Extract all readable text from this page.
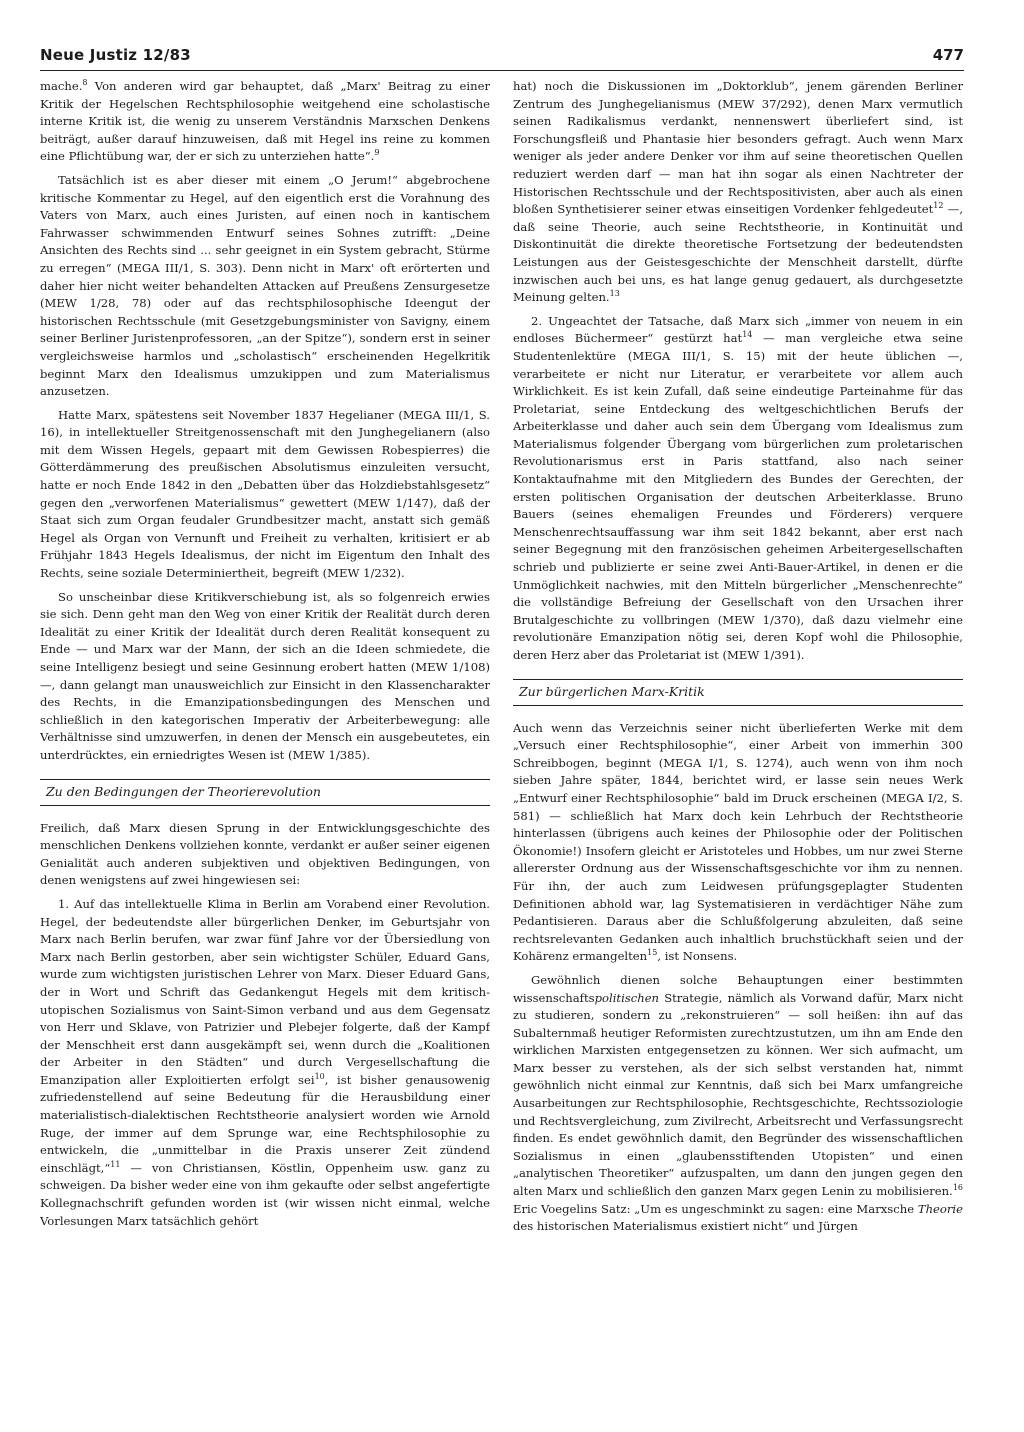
Neue Justiz 12/83	477

mache.$^8$ Von anderen wird gar behauptet, daß „Marx' Beitrag zu einer Kritik der Hegelschen Rechtsphilosophie weitgehend eine scholastische interne Kritik ist, die wenig zu unserem Verständnis Marxschen Denkens beiträgt, außer darauf hinzuweisen, daß mit Hegel ins reine zu kommen eine Pflichtübung war, der er sich zu unterziehen hatte“.$^9$

Tatsächlich ist es aber dieser mit einem „O Jerum!“ abgebrochene kritische Kommentar zu Hegel, auf den eigentlich erst die Vorahnung des Vaters von Marx, auch eines Juristen, auf einen noch in kantischem Fahrwasser schwimmenden Entwurf seines Sohnes zutrifft: „Deine Ansichten des Rechts sind ... sehr geeignet in ein System gebracht, Stürme zu erregen“ (MEGA III/1, S. 303). Denn nicht in Marx' oft erörterten und daher hier nicht weiter behandelten Attacken auf Preußens Zensurgesetze (MEW 1/28, 78) oder auf das rechtsphilosophische Ideengut der historischen Rechtsschule (mit Gesetzgebungsminister von Savigny, einem seiner Berliner Juristenprofessoren, „an der Spitze“), sondern erst in seiner vergleichsweise harmlos und „scholastisch“ erscheinenden Hegelkritik beginnt Marx den Idealismus umzukippen und zum Materialismus anzusetzen.

Hatte Marx, spätestens seit November 1837 Hegelianer (MEGA III/1, S. 16), in intellektueller Streitgenossenschaft mit den Junghegelianern (also mit dem Wissen Hegels, gepaart mit dem Gewissen Robespierres) die Götterdämmerung des preußischen Absolutismus einzuleiten versucht, hatte er noch Ende 1842 in den „Debatten über das Holzdiebstahlsgesetz“ gegen den „verworfenen Materialismus“ gewettert (MEW 1/147), daß der Staat sich zum Organ feudaler Grundbesitzer macht, anstatt sich gemäß Hegel als Organ von Vernunft und Freiheit zu verhalten, kritisiert er ab Frühjahr 1843 Hegels Idealismus, der nicht im Eigentum den Inhalt des Rechts, seine soziale Determiniertheit, begreift (MEW 1/232).

So unscheinbar diese Kritikverschiebung ist, als so folgenreich erwies sie sich. Denn geht man den Weg von einer Kritik der Realität durch deren Idealität zu einer Kritik der Idealität durch deren Realität konsequent zu Ende — und Marx war der Mann, der sich an die Ideen schmiedete, die seine Intelligenz besiegt und seine Gesinnung erobert hatten (MEW 1/108) —, dann gelangt man unausweichlich zur Einsicht in den Klassencharakter des Rechts, in die Emanzipationsbedingungen des Menschen und schließlich in den kategorischen Imperativ der Arbeiterbewegung: alle Verhältnisse sind umzuwerfen, in denen der Mensch ein ausgebeutetes, ein unterdrücktes, ein erniedrigtes Wesen ist (MEW 1/385).

Zu den Bedingungen der Theorierevolution

Freilich, daß Marx diesen Sprung in der Entwicklungsgeschichte des menschlichen Denkens vollziehen konnte, verdankt er außer seiner eigenen Genialität auch anderen subjektiven und objektiven Bedingungen, von denen wenigstens auf zwei hingewiesen sei:

1. Auf das intellektuelle Klima in Berlin am Vorabend einer Revolution. Hegel, der bedeutendste aller bürgerlichen Denker, im Geburtsjahr von Marx nach Berlin berufen, war zwar fünf Jahre vor der Übersiedlung von Marx nach Berlin gestorben, aber sein wichtigster Schüler, Eduard Gans, wurde zum wichtigsten juristischen Lehrer von Marx. Dieser Eduard Gans, der in Wort und Schrift das Gedankengut Hegels mit dem kritisch-utopischen Sozialismus von Saint-Simon verband und aus dem Gegensatz von Herr und Sklave, von Patrizier und Plebejer folgerte, daß der Kampf der Menschheit erst dann ausgekämpft sei, wenn durch die „Koalitionen der Arbeiter in den Städten“ und durch Vergesellschaftung die Emanzipation aller Exploitierten erfolgt sei$^{10}$, ist bisher genausowenig zufriedenstellend auf seine Bedeutung für die Herausbildung einer materialistisch-dialektischen Rechtstheorie analysiert worden wie Arnold Ruge, der immer auf dem Sprunge war, eine Rechtsphilosophie zu entwickeln, die „unmittelbar in die Praxis unserer Zeit zündend einschlägt,“$^{11}$ — von Christiansen, Köstlin, Oppenheim usw. ganz zu schweigen. Da bisher weder eine von ihm gekaufte oder selbst angefertigte Kollegnachschrift gefunden worden ist (wir wissen nicht einmal, welche Vorlesungen Marx tatsächlich gehört

hat) noch die Diskussionen im „Doktorklub“, jenem gärenden Berliner Zentrum des Junghegelianismus (MEW 37/292), denen Marx vermutlich seinen Radikalismus verdankt, nennenswert überliefert sind, ist Forschungsfleiß und Phantasie hier besonders gefragt. Auch wenn Marx weniger als jeder andere Denker vor ihm auf seine theoretischen Quellen reduziert werden darf — man hat ihn sogar als einen Nachtreter der Historischen Rechtsschule und der Rechtspositivisten, aber auch als einen bloßen Synthetisierer seiner etwas einseitigen Vordenker fehlgedeutet$^{12}$ —, daß seine Theorie, auch seine Rechtstheorie, in Kontinuität und Diskontinuität die direkte theoretische Fortsetzung der bedeutendsten Leistungen aus der Geistesgeschichte der Menschheit darstellt, dürfte inzwischen auch bei uns, es hat lange genug gedauert, als durchgesetzte Meinung gelten.$^{13}$

2. Ungeachtet der Tatsache, daß Marx sich „immer von neuem in ein endloses Büchermeer“ gestürzt hat$^{14}$ — man vergleiche etwa seine Studentenlektüre (MEGA III/1, S. 15) mit der heute üblichen —, verarbeitete er nicht nur Literatur, er verarbeitete vor allem auch Wirklichkeit. Es ist kein Zufall, daß seine eindeutige Parteinahme für das Proletariat, seine Entdeckung des weltgeschichtlichen Berufs der Arbeiterklasse und daher auch sein dem Übergang vom Idealismus zum Materialismus folgender Übergang vom bürgerlichen zum proletarischen Revolutionarismus erst in Paris stattfand, also nach seiner Kontaktaufnahme mit den Mitgliedern des Bundes der Gerechten, der ersten politischen Organisation der deutschen Arbeiterklasse. Bruno Bauers (seines ehemaligen Freundes und Förderers) verquere Menschenrechtsauffassung war ihm seit 1842 bekannt, aber erst nach seiner Begegnung mit den französischen geheimen Arbeitergesellschaften schrieb und publizierte er seine zwei Anti-Bauer-Artikel, in denen er die Unmöglichkeit nachwies, mit den Mitteln bürgerlicher „Menschenrechte“ die vollständige Befreiung der Gesellschaft von den Ursachen ihrer Brutalgeschichte zu vollbringen (MEW 1/370), daß dazu vielmehr eine revolutionäre Emanzipation nötig sei, deren Kopf wohl die Philosophie, deren Herz aber das Proletariat ist (MEW 1/391).

Zur bürgerlichen Marx-Kritik

Auch wenn das Verzeichnis seiner nicht überlieferten Werke mit dem „Versuch einer Rechtsphilosophie“, einer Arbeit von immerhin 300 Schreibbogen, beginnt (MEGA I/1, S. 1274), auch wenn von ihm noch sieben Jahre später, 1844, berichtet wird, er lasse sein neues Werk „Entwurf einer Rechtsphilosophie“ bald im Druck erscheinen (MEGA I/2, S. 581) — schließlich hat Marx doch kein Lehrbuch der Rechtstheorie hinterlassen (übrigens auch keines der Philosophie oder der Politischen Ökonomie!) Insofern gleicht er Aristoteles und Hobbes, um nur zwei Sterne allererster Ordnung aus der Wissenschaftsgeschichte vor ihm zu nennen. Für ihn, der auch zum Leidwesen prüfungsgeplagter Studenten Definitionen abhold war, lag Systematisieren in verdächtiger Nähe zum Pedantisieren. Daraus aber die Schlußfolgerung abzuleiten, daß seine rechtsrelevanten Gedanken auch inhaltlich bruchstückhaft seien und der Kohärenz ermangelten$^{15}$, ist Nonsens.

Gewöhnlich dienen solche Behauptungen einer bestimmten wissenschaftspolitischen Strategie, nämlich als Vorwand dafür, Marx nicht zu studieren, sondern zu „rekonstruieren“ — soll heißen: ihn auf das Subalternmaß heutiger Reformisten zurechtzustutzen, um ihn am Ende den wirklichen Marxisten entgegensetzen zu können. Wer sich aufmacht, um Marx besser zu verstehen, als der sich selbst verstanden hat, nimmt gewöhnlich nicht einmal zur Kenntnis, daß sich bei Marx umfangreiche Ausarbeitungen zur Rechtsphilosophie, Rechtsgeschichte, Rechtssoziologie und Rechtsvergleichung, zum Zivilrecht, Arbeitsrecht und Verfassungsrecht finden. Es endet gewöhnlich damit, den Begründer des wissenschaftlichen Sozialismus in einen „glaubensstiftenden Utopisten“ und einen „analytischen Theoretiker“ aufzuspalten, um dann den jungen gegen den alten Marx und schließlich den ganzen Marx gegen Lenin zu mobilisieren.$^{16}$ Eric Voegelins Satz: „Um es ungeschminkt zu sagen: eine Marxsche Theorie des historischen Materialismus existiert nicht“ und Jürgen
